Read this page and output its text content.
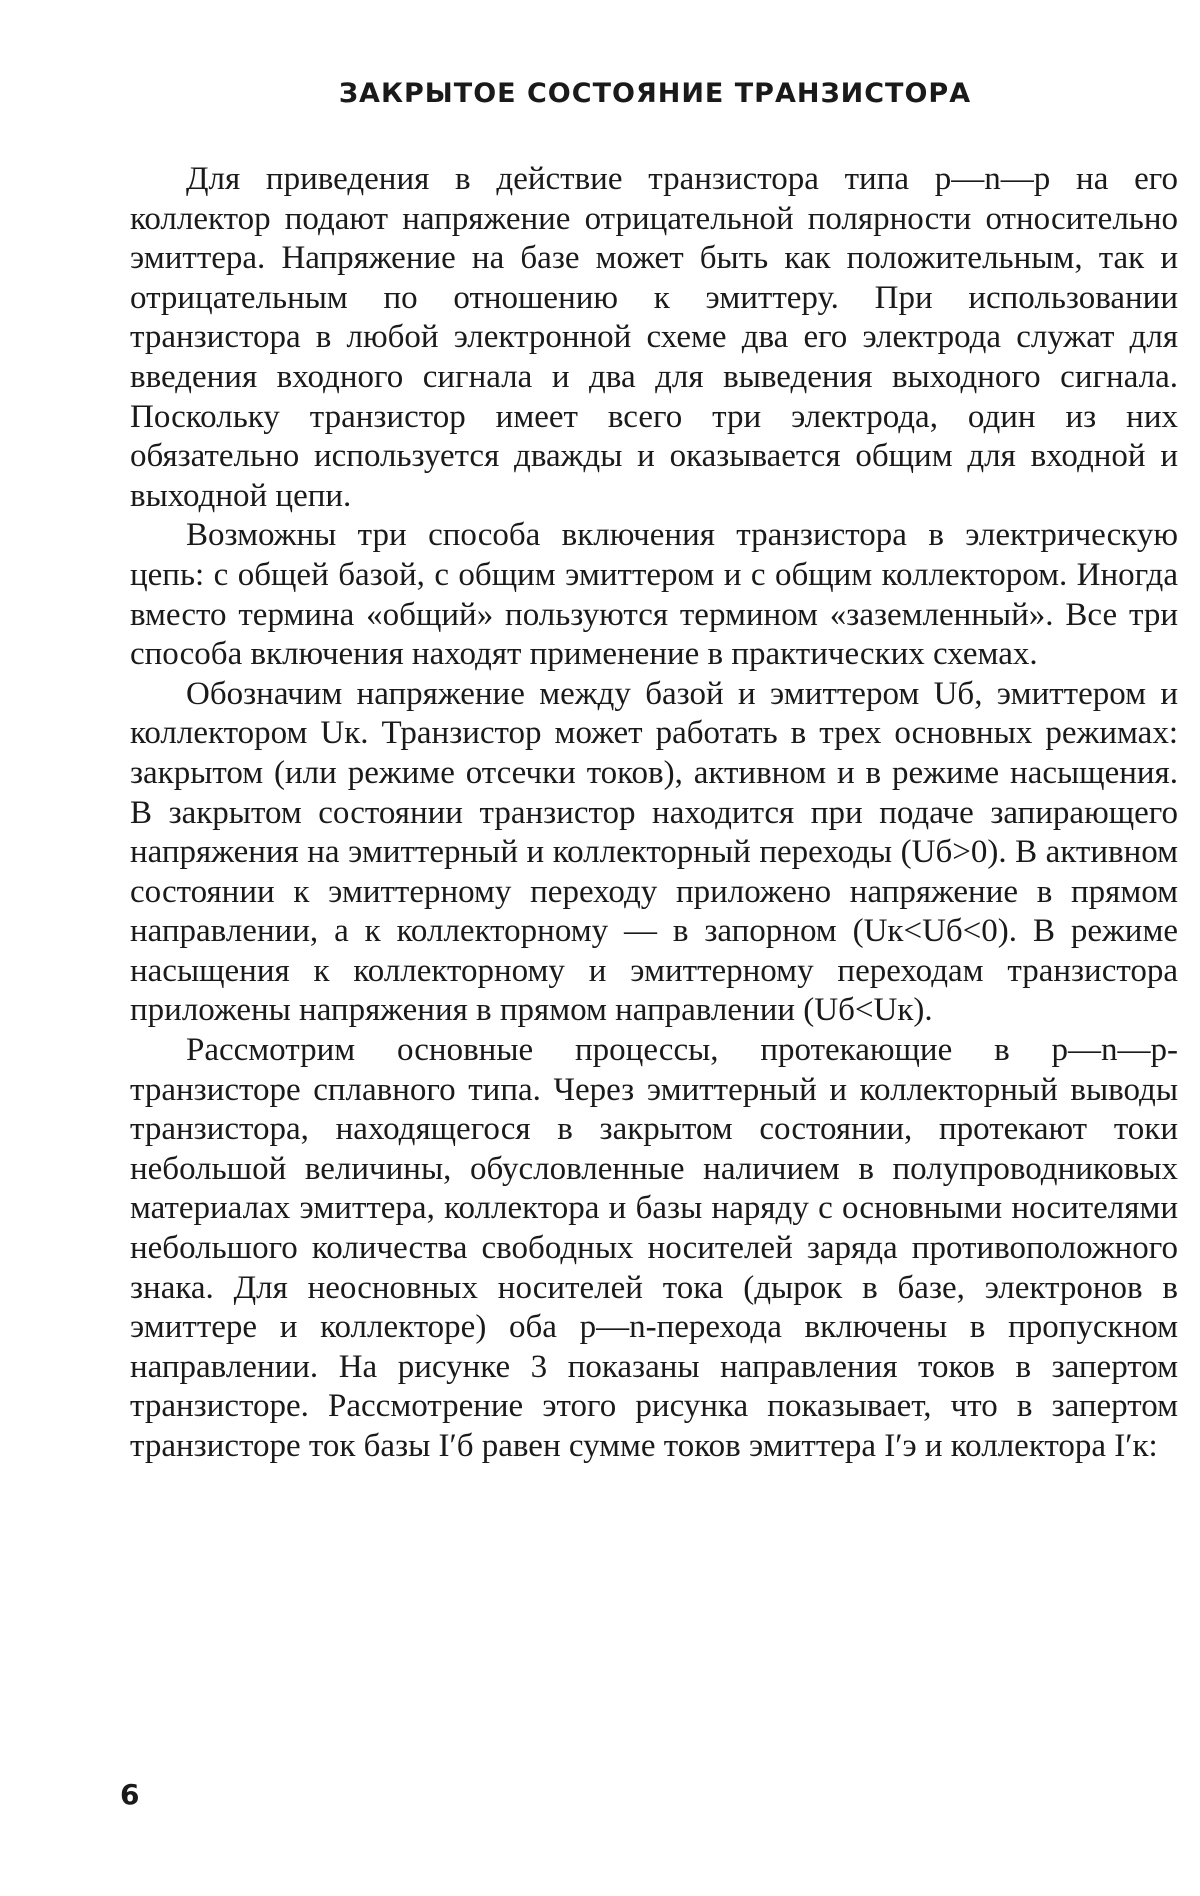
ЗАКРЫТОЕ СОСТОЯНИЕ ТРАНЗИСТОРА

Для приведения в действие транзистора типа p—n—p на его коллектор подают напряжение отрицательной полярности относительно эмиттера. Напряжение на базе может быть как положительным, так и отрицательным по отношению к эмиттеру. При использовании транзистора в любой электронной схеме два его электрода служат для введения входного сигнала и два для выведения выходного сигнала. Поскольку транзистор имеет всего три электрода, один из них обязательно используется дважды и оказывается общим для входной и выходной цепи.

Возможны три способа включения транзистора в электрическую цепь: с общей базой, с общим эмиттером и с общим коллектором. Иногда вместо термина «общий» пользуются термином «заземленный». Все три способа включения находят применение в практических схемах.

Обозначим напряжение между базой и эмиттером Uб, эмиттером и коллектором Uк. Транзистор может работать в трех основных режимах: закрытом (или режиме отсечки токов), активном и в режиме насыщения. В закрытом состоянии транзистор находится при подаче запирающего напряжения на эмиттерный и коллекторный переходы (Uб>0). В активном состоянии к эмиттерному переходу приложено напряжение в прямом направлении, а к коллекторному — в запорном (Uк<Uб<0). В режиме насыщения к коллекторному и эмиттерному переходам транзистора приложены напряжения в прямом направлении (Uб<Uк).

Рассмотрим основные процессы, протекающие в p—n—p-транзисторе сплавного типа. Через эмиттерный и коллекторный выводы транзистора, находящегося в закрытом состоянии, протекают токи небольшой величины, обусловленные наличием в полупроводниковых материалах эмиттера, коллектора и базы наряду с основными носителями небольшого количества свободных носителей заряда противоположного знака. Для неосновных носителей тока (дырок в базе, электронов в эмиттере и коллекторе) оба p—n-перехода включены в пропускном направлении. На рисунке 3 показаны направления токов в запертом транзисторе. Рассмотрение этого рисунка показывает, что в запертом транзисторе ток базы I′б равен сумме токов эмиттера I′э и коллектора I′к:

6
